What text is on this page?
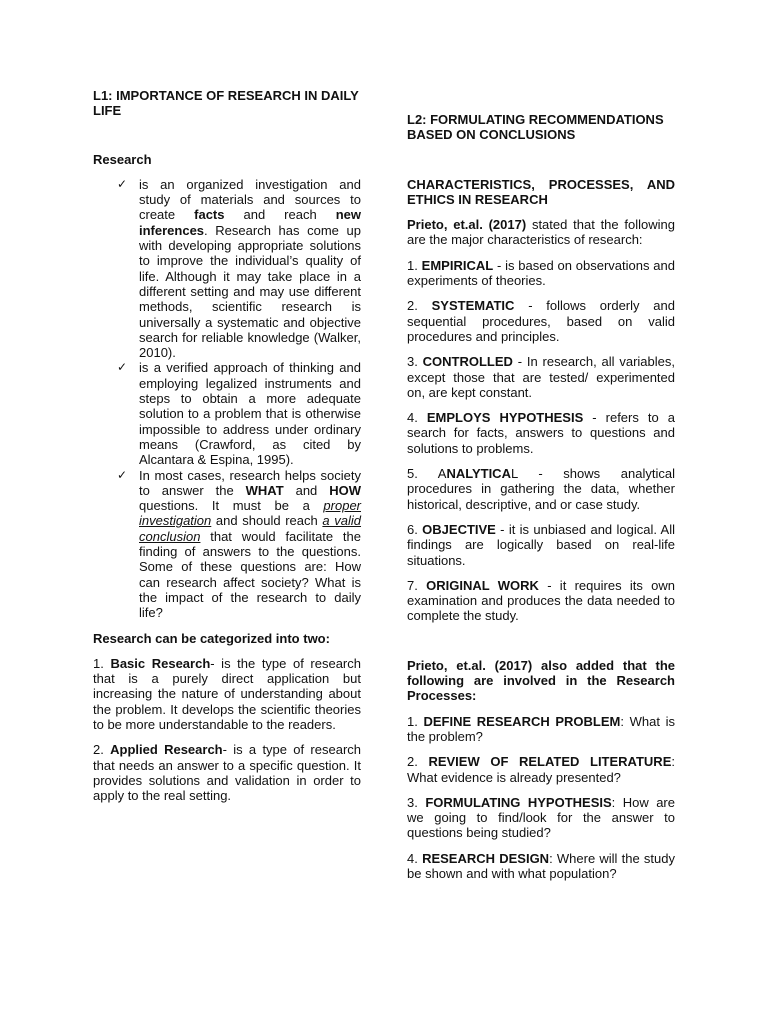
L1: IMPORTANCE OF RESEARCH IN DAILY LIFE

Research

✓ is an organized investigation and study of materials and sources to create facts and reach new inferences. Research has come up with developing appropriate solutions to improve the individual’s quality of life. Although it may take place in a different setting and may use different methods, scientific research is universally a systematic and objective search for reliable knowledge (Walker, 2010).
✓ is a verified approach of thinking and employing legalized instruments and steps to obtain a more adequate solution to a problem that is otherwise impossible to address under ordinary means (Crawford, as cited by Alcantara & Espina, 1995).
✓ In most cases, research helps society to answer the WHAT and HOW questions. It must be a proper investigation and should reach a valid conclusion that would facilitate the finding of answers to the questions. Some of these questions are: How can research affect society? What is the impact of the research to daily life?

Research can be categorized into two:

1. Basic Research- is the type of research that is a purely direct application but increasing the nature of understanding about the problem. It develops the scientific theories to be more understandable to the readers.

2. Applied Research- is a type of research that needs an answer to a specific question. It provides solutions and validation in order to apply to the real setting.

L2: FORMULATING RECOMMENDATIONS BASED ON CONCLUSIONS

CHARACTERISTICS, PROCESSES, AND ETHICS IN RESEARCH

Prieto, et.al. (2017) stated that the following are the major characteristics of research:

1. EMPIRICAL - is based on observations and experiments of theories.

2. SYSTEMATIC - follows orderly and sequential procedures, based on valid procedures and principles.

3. CONTROLLED - In research, all variables, except those that are tested/ experimented on, are kept constant.

4. EMPLOYS HYPOTHESIS - refers to a search for facts, answers to questions and solutions to problems.

5. ANALYTICAL - shows analytical procedures in gathering the data, whether historical, descriptive, and or case study.

6. OBJECTIVE - it is unbiased and logical. All findings are logically based on real-life situations.

7. ORIGINAL WORK - it requires its own examination and produces the data needed to complete the study.

Prieto, et.al. (2017) also added that the following are involved in the Research Processes:

1. DEFINE RESEARCH PROBLEM: What is the problem?

2. REVIEW OF RELATED LITERATURE: What evidence is already presented?

3. FORMULATING HYPOTHESIS: How are we going to find/look for the answer to questions being studied?

4. RESEARCH DESIGN: Where will the study be shown and with what population?
